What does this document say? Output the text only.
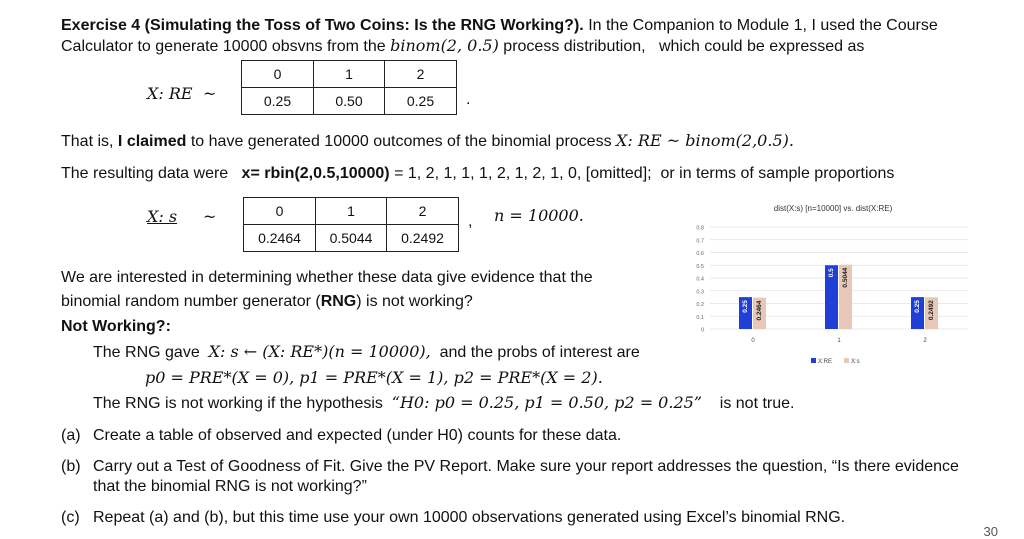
Exercise 4 (Simulating the Toss of Two Coins: Is the RNG Working?). In the Companion to Module 1, I used the Course
Calculator to generate 10000 obsvns from the binom(2, 0.5) process distribution, which could be expressed as
X: RE ~
0	1	2
0.25	0.50	0.25 .
That is, I claimed to have generated 10000 outcomes of the binomial process X: RE ~ binom(2,0.5).
The resulting data were x= rbin(2,0.5,10000) = 1, 2, 1, 1, 1, 2, 1, 2, 1, 0, [omitted]; or in terms of sample proportions
X: s ~	0	1	2
0.2464	0.5044	0.2492
, n = 10000.
We are interested in determining whether these data give evidence that the
binomial random number generator (RNG) is not working?
Not Working?:
The RNG gave X: s ← (X: RE*)(n = 10000), and the probs of interest are
p0 = PRE*(X = 0), p1 = PRE*(X = 1), p2 = PRE*(X = 2).
The RNG is not working if the hypothesis “H0: p0 = 0.25, p1 = 0.50, p2 = 0.25” is not true.
(a) Create a table of observed and expected (under H0) counts for these data.
(b) Carry out a Test of Goodness of Fit. Give the PV Report. Make sure your report addresses the question, “Is there evidence
that the binomial RNG is not working?”
(c) Repeat (a) and (b), but this time use your own 10000 observations generated using Excel’s binomial RNG.
30
dist(X:s) [n=10000] vs. dist(X:RE)
0
0.1
0.2
0.3
0.4
0.5
0.6
0.7
0.8
0.25 0.2464
0
0.5 0.5044
1
0.25 0.2492
2
X:RE	X:s
